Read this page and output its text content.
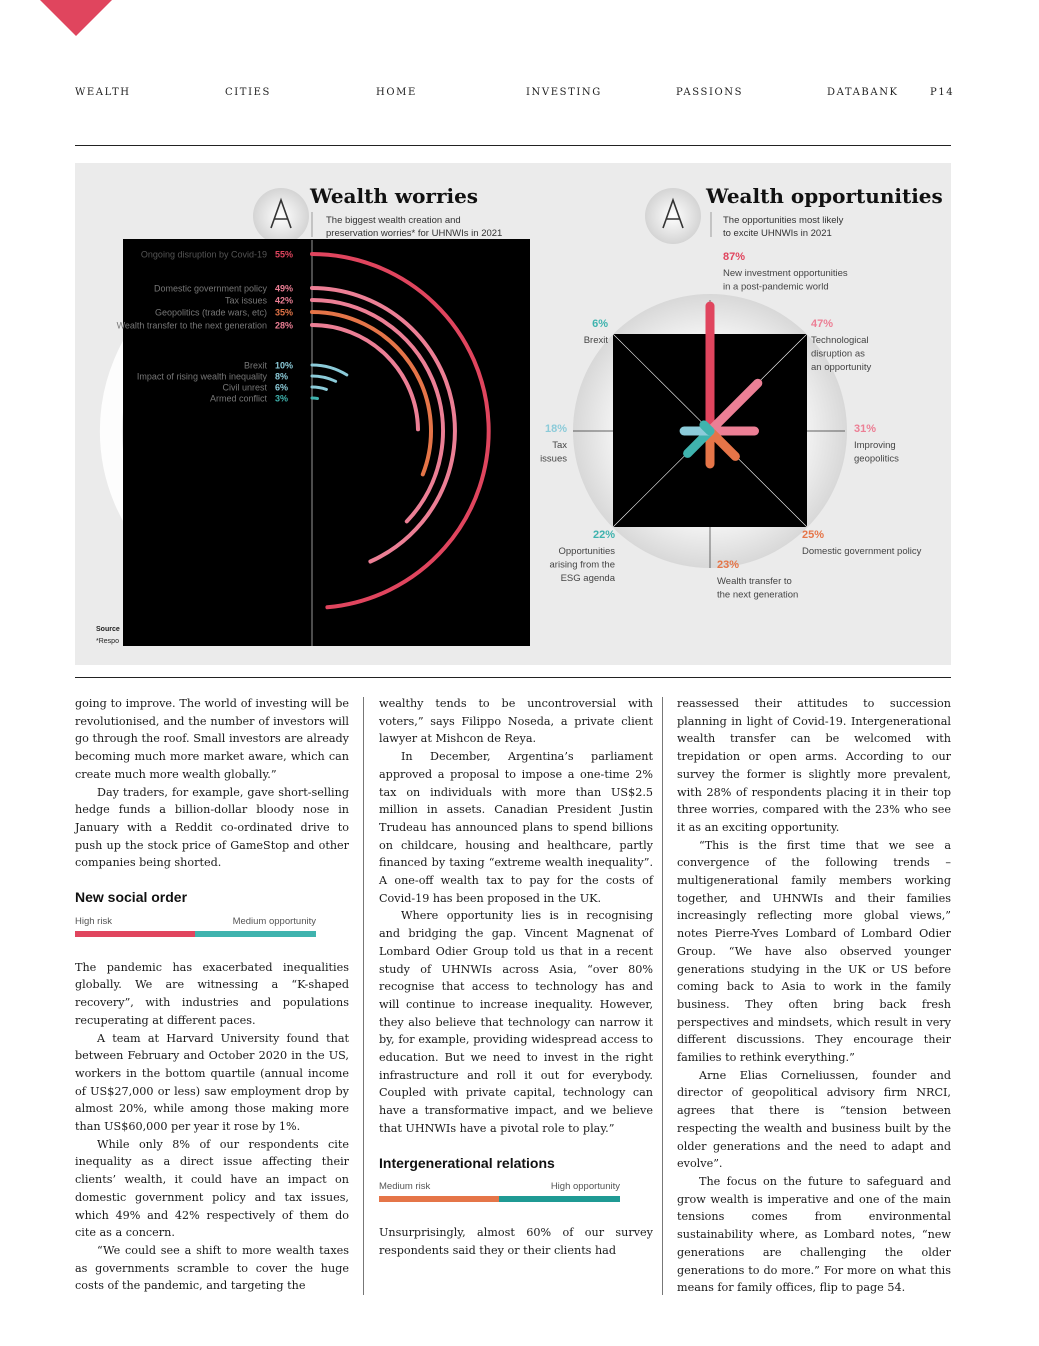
WEALTH	CITIES	HOME	INVESTING	PASSIONS	DATABANK	P14
Wealth worries
The biggest wealth creation and
preservation worries* for UHNWIs in 2021
Ongoing disruption by Covid-19 55%
Domestic government policy 49%
Tax issues 42%
Geopolitics (trade wars, etc) 35%
Wealth transfer to the next generation 28%
Brexit 10%
Impact of rising wealth inequality 8%
Civil unrest 6%
Armed conflict 3%
Source
*Respo
Wealth opportunities
The opportunities most likely
to excite UHNWIs in 2021
87%
New investment opportunities
in a post-pandemic world
47%
Technological
disruption as
an opportunity
31%
Improving
geopolitics
25%
Domestic government policy
23%
Wealth transfer to
the next generation
22%
Opportunities
arising from the
ESG agenda
18%
Tax
issues
6%
Brexit

going to improve. The world of investing will be revolutionised, and the number of investors will go through the roof. Small investors are already becoming much more market aware, which can create much more wealth globally.”

Day traders, for example, gave short-selling hedge funds a billion-dollar bloody nose in January with a Reddit co-ordinated drive to push up the stock price of GameStop and other companies being shorted.

New social order
High risk	Medium opportunity

The pandemic has exacerbated inequalities globally. We are witnessing a “K-shaped recovery”, with industries and populations recuperating at different paces.

A team at Harvard University found that between February and October 2020 in the US, workers in the bottom quartile (annual income of US$27,000 or less) saw employment drop by almost 20%, while among those making more than US$60,000 per year it rose by 1%.

While only 8% of our respondents cite inequality as a direct issue affecting their clients’ wealth, it could have an impact on domestic government policy and tax issues, which 49% and 42% respectively of them do cite as a concern.

“We could see a shift to more wealth taxes as governments scramble to cover the huge costs of the pandemic, and targeting the

wealthy tends to be uncontroversial with voters,” says Filippo Noseda, a private client lawyer at Mishcon de Reya.

In December, Argentina’s parliament approved a proposal to impose a one-time 2% tax on individuals with more than US$2.5 million in assets. Canadian President Justin Trudeau has announced plans to spend billions on childcare, housing and healthcare, partly financed by taxing “extreme wealth inequality”. A one-off wealth tax to pay for the costs of Covid-19 has been proposed in the UK.

Where opportunity lies is in recognising and bridging the gap. Vincent Magnenat of Lombard Odier Group told us that in a recent study of UHNWIs across Asia, “over 80% recognise that access to technology has and will continue to increase inequality. However, they also believe that technology can narrow it by, for example, providing widespread access to education. But we need to invest in the right infrastructure and roll it out for everybody. Coupled with private capital, technology can have a transformative impact, and we believe that UHNWIs have a pivotal role to play.”

Intergenerational relations
Medium risk	High opportunity

Unsurprisingly, almost 60% of our survey respondents said they or their clients had

reassessed their attitudes to succession planning in light of Covid-19. Intergenerational wealth transfer can be welcomed with trepidation or open arms. According to our survey the former is slightly more prevalent, with 28% of respondents placing it in their top three worries, compared with the 23% who see it as an exciting opportunity.

“This is the first time that we see a convergence of the following trends – multigenerational family members working together, and UHNWIs and their families increasingly reflecting more global views,” notes Pierre-Yves Lombard of Lombard Odier Group. “We have also observed younger generations studying in the UK or US before coming back to Asia to work in the family business. They often bring back fresh perspectives and mindsets, which result in very different discussions. They encourage their families to rethink everything.”

Arne Elias Corneliussen, founder and director of geopolitical advisory firm NRCI, agrees that there is “tension between respecting the wealth and business built by the older generations and the need to adapt and evolve”.

The focus on the future to safeguard and grow wealth is imperative and one of the main tensions comes from environmental sustainability where, as Lombard notes, “new generations are challenging the older generations to do more.” For more on what this means for family offices, flip to page 54.
